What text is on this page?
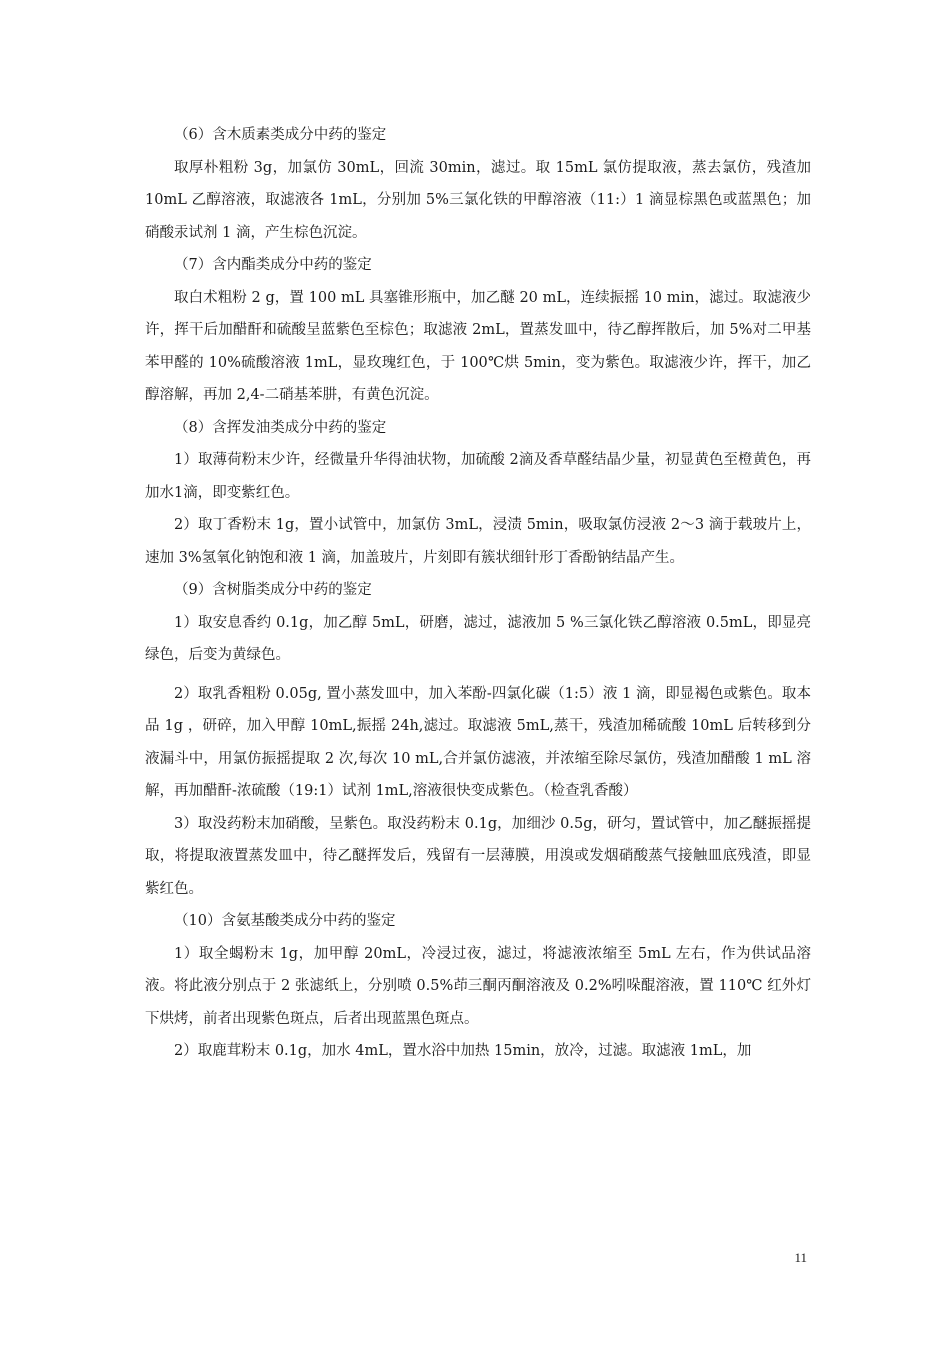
（6）含木质素类成分中药的鉴定

取厚朴粗粉 3g，加氯仿 30mL，回流 30min，滤过。取 15mL 氯仿提取液，蒸去氯仿，残渣加 10mL 乙醇溶液，取滤液各 1mL，分别加 5%三氯化铁的甲醇溶液（11:）1 滴显棕黑色或蓝黑色；加硝酸汞试剂 1 滴，产生棕色沉淀。

（7）含内酯类成分中药的鉴定

取白术粗粉 2 g，置 100 mL 具塞锥形瓶中，加乙醚 20 mL，连续振摇 10 min，滤过。取滤液少许，挥干后加醋酐和硫酸呈蓝紫色至棕色；取滤液 2mL，置蒸发皿中，待乙醇挥散后，加 5%对二甲基苯甲醛的 10%硫酸溶液 1mL，显玫瑰红色，于 100℃烘 5min，变为紫色。取滤液少许，挥干，加乙醇溶解，再加 2,4-二硝基苯肼，有黄色沉淀。

（8）含挥发油类成分中药的鉴定

1）取薄荷粉末少许，经微量升华得油状物，加硫酸 2滴及香草醛结晶少量，初显黄色至橙黄色，再加水1滴，即变紫红色。

2）取丁香粉末 1g，置小试管中，加氯仿 3mL，浸渍 5min，吸取氯仿浸液 2～3 滴于载玻片上，速加 3%氢氧化钠饱和液 1 滴，加盖玻片，片刻即有簇状细针形丁香酚钠结晶产生。

（9）含树脂类成分中药的鉴定

1）取安息香约 0.1g，加乙醇 5mL，研磨，滤过，滤液加 5 %三氯化铁乙醇溶液 0.5mL，即显亮绿色，后变为黄绿色。

2）取乳香粗粉 0.05g, 置小蒸发皿中，加入苯酚-四氯化碳（1:5）液 1 滴，即显褐色或紫色。取本品 1g ，研碎，加入甲醇 10mL,振摇 24h,滤过。取滤液 5mL,蒸干，残渣加稀硫酸 10mL 后转移到分液漏斗中，用氯仿振摇提取 2 次,每次 10 mL,合并氯仿滤液，并浓缩至除尽氯仿，残渣加醋酸 1 mL 溶解，再加醋酐-浓硫酸（19:1）试剂 1mL,溶液很快变成紫色。（检查乳香酸）

3）取没药粉末加硝酸，呈紫色。取没药粉末 0.1g，加细沙 0.5g，研匀，置试管中，加乙醚振摇提取，将提取液置蒸发皿中，待乙醚挥发后，残留有一层薄膜，用溴或发烟硝酸蒸气接触皿底残渣，即显紫红色。

（10）含氨基酸类成分中药的鉴定

1）取全蝎粉末 1g，加甲醇 20mL，冷浸过夜，滤过，将滤液浓缩至 5mL 左右，作为供试品溶液。将此液分别点于 2 张滤纸上，分别喷 0.5%茚三酮丙酮溶液及 0.2%吲哚醌溶液，置 110℃ 红外灯下烘烤，前者出现紫色斑点，后者出现蓝黑色斑点。

2）取鹿茸粉末 0.1g，加水 4mL，置水浴中加热 15min，放冷，过滤。取滤液 1mL，加

11
